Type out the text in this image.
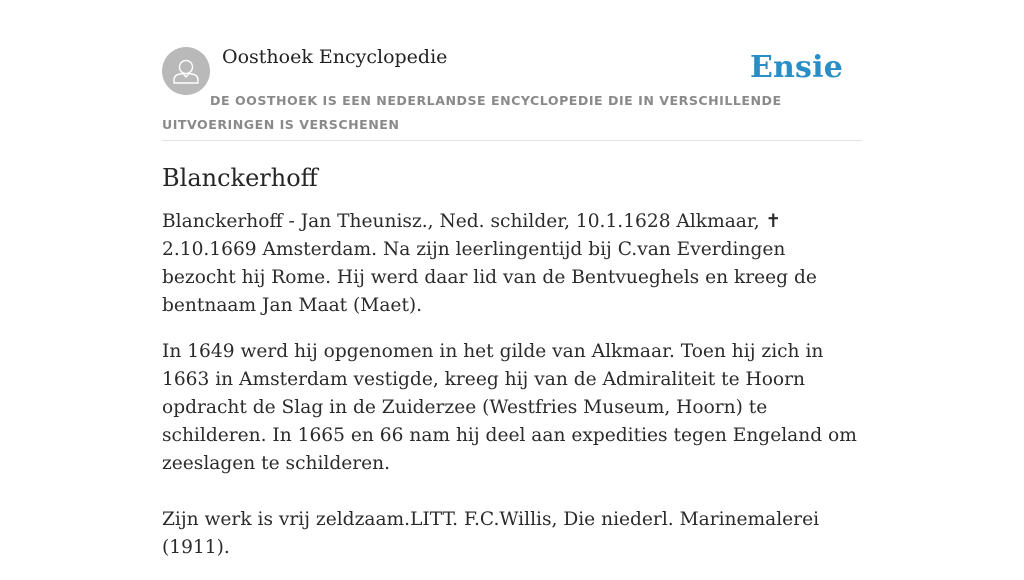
Oosthoek Encyclopedie	Ensie
DE OOSTHOEK IS EEN NEDERLANDSE ENCYCLOPEDIE DIE IN VERSCHILLENDE UITVOERINGEN IS VERSCHENEN
Blanckerhoff

Blanckerhoff - Jan Theunisz., Ned. schilder, 10.1.1628 Alkmaar, ✝ 2.10.1669 Amsterdam. Na zijn leerlingentijd bij C.van Everdingen bezocht hij Rome. Hij werd daar lid van de Bentvueghels en kreeg de bentnaam Jan Maat (Maet).

In 1649 werd hij opgenomen in het gilde van Alkmaar. Toen hij zich in 1663 in Amsterdam vestigde, kreeg hij van de Admiraliteit te Hoorn opdracht de Slag in de Zuiderzee (Westfries Museum, Hoorn) te schilderen. In 1665 en 66 nam hij deel aan expedities tegen Engeland om zeeslagen te schilderen.

Zijn werk is vrij zeldzaam.LITT. F.C.Willis, Die niederl. Marinemalerei (1911).
